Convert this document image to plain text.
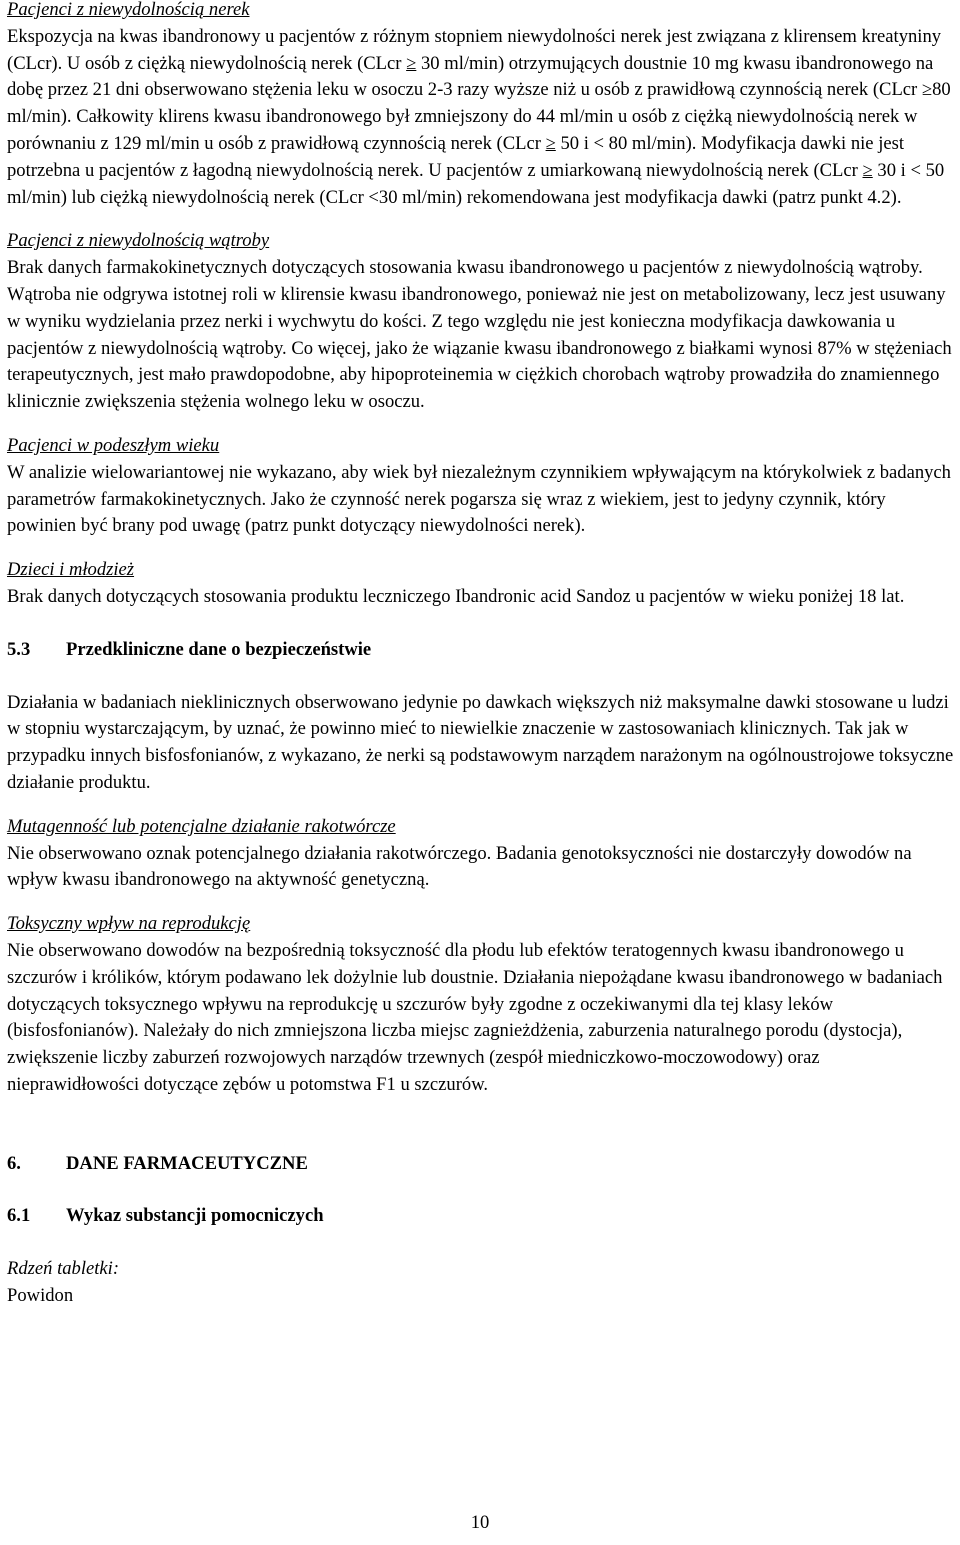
Pacjenci z niewydolnością nerek

Ekspozycja na kwas ibandronowy u pacjentów z różnym stopniem niewydolności nerek jest związana z klirensem kreatyniny (CLcr). U osób z ciężką niewydolnością nerek (CLcr ≥ 30 ml/min) otrzymujących doustnie 10 mg kwasu ibandronowego na dobę przez 21 dni obserwowano stężenia leku w osoczu 2-3 razy wyższe niż u osób z prawidłową czynnością nerek (CLcr ≥80 ml/min). Całkowity klirens kwasu ibandronowego był zmniejszony do 44 ml/min u osób z ciężką niewydolnością nerek w porównaniu z 129 ml/min u osób z prawidłową czynnością nerek (CLcr ≥ 50 i < 80 ml/min). Modyfikacja dawki nie jest potrzebna u pacjentów z łagodną niewydolnością nerek. U pacjentów z umiarkowaną niewydolnością nerek (CLcr ≥ 30 i < 50 ml/min) lub ciężką niewydolnością nerek (CLcr <30 ml/min) rekomendowana jest modyfikacja dawki (patrz punkt 4.2).

Pacjenci z niewydolnością wątroby

Brak danych farmakokinetycznych dotyczących stosowania kwasu ibandronowego u pacjentów z niewydolnością wątroby. Wątroba nie odgrywa istotnej roli w klirensie kwasu ibandronowego, ponieważ nie jest on metabolizowany, lecz jest usuwany w wyniku wydzielania przez nerki i wychwytu do kości. Z tego względu nie jest konieczna modyfikacja dawkowania u pacjentów z niewydolnością wątroby. Co więcej, jako że wiązanie kwasu ibandronowego z białkami wynosi 87% w stężeniach terapeutycznych, jest mało prawdopodobne, aby hipoproteinemia w ciężkich chorobach wątroby prowadziła do znamiennego klinicznie zwiększenia stężenia wolnego leku w osoczu.

Pacjenci w podeszłym wieku

W analizie wielowariantowej nie wykazano, aby wiek był niezależnym czynnikiem wpływającym na którykolwiek z badanych parametrów farmakokinetycznych. Jako że czynność nerek pogarsza się wraz z wiekiem, jest to jedyny czynnik, który powinien być brany pod uwagę (patrz punkt dotyczący niewydolności nerek).

Dzieci i młodzież

Brak danych dotyczących stosowania produktu leczniczego Ibandronic acid Sandoz u pacjentów w wieku poniżej 18 lat.

5.3 Przedkliniczne dane o bezpieczeństwie

Działania w badaniach nieklinicznych obserwowano jedynie po dawkach większych niż maksymalne dawki stosowane u ludzi w stopniu wystarczającym, by uznać, że powinno mieć to niewielkie znaczenie w zastosowaniach klinicznych. Tak jak w przypadku innych bisfosfonianów, z wykazano, że nerki są podstawowym narządem narażonym na ogólnoustrojowe toksyczne działanie produktu.

Mutagenność lub potencjalne działanie rakotwórcze

Nie obserwowano oznak potencjalnego działania rakotwórczego. Badania genotoksyczności nie dostarczyły dowodów na wpływ kwasu ibandronowego na aktywność genetyczną.

Toksyczny wpływ na reprodukcję

Nie obserwowano dowodów na bezpośrednią toksyczność dla płodu lub efektów teratogennych kwasu ibandronowego u szczurów i królików, którym podawano lek dożylnie lub doustnie. Działania niepożądane kwasu ibandronowego w badaniach dotyczących toksycznego wpływu na reprodukcję u szczurów były zgodne z oczekiwanymi dla tej klasy leków (bisfosfonianów). Należały do nich zmniejszona liczba miejsc zagnieżdżenia, zaburzenia naturalnego porodu (dystocja), zwiększenie liczby zaburzeń rozwojowych narządów trzewnych (zespół miedniczkowo-moczowodowy) oraz nieprawidłowości dotyczące zębów u potomstwa F1 u szczurów.

6. DANE FARMACEUTYCZNE

6.1 Wykaz substancji pomocniczych

Rdzeń tabletki:

Powidon

10
